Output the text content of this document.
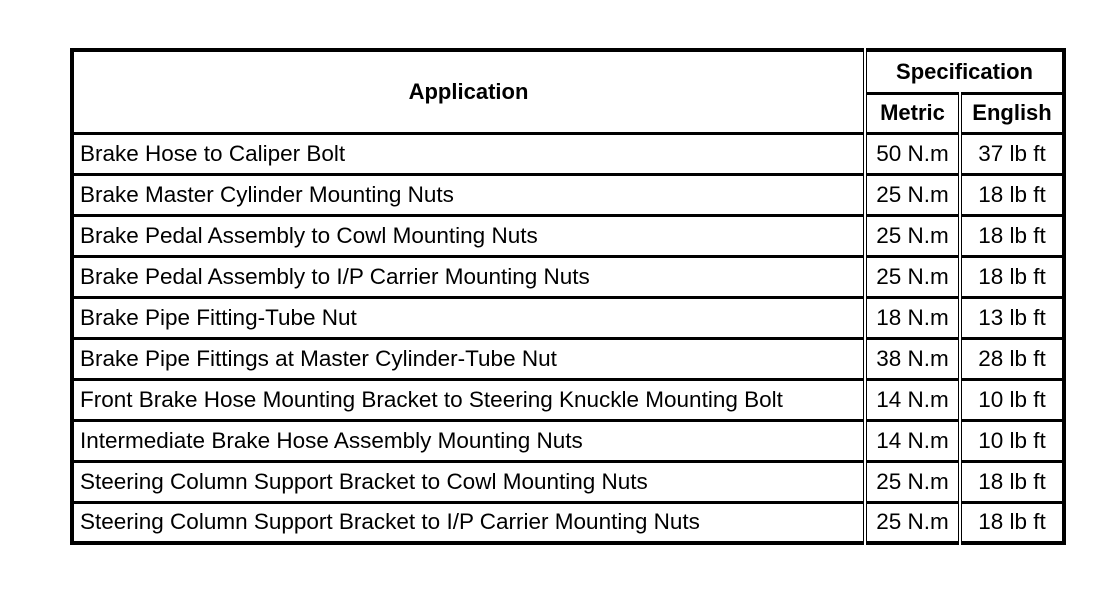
Application	Specification	
	Metric	English
Brake Hose to Caliper Bolt	50 N.m	37 lb ft
Brake Master Cylinder Mounting Nuts	25 N.m	18 lb ft
Brake Pedal Assembly to Cowl Mounting Nuts	25 N.m	18 lb ft
Brake Pedal Assembly to I/P Carrier Mounting Nuts	25 N.m	18 lb ft
Brake Pipe Fitting-Tube Nut	18 N.m	13 lb ft
Brake Pipe Fittings at Master Cylinder-Tube Nut	38 N.m	28 lb ft
Front Brake Hose Mounting Bracket to Steering Knuckle Mounting Bolt	14 N.m	10 lb ft
Intermediate Brake Hose Assembly Mounting Nuts	14 N.m	10 lb ft
Steering Column Support Bracket to Cowl Mounting Nuts	25 N.m	18 lb ft
Steering Column Support Bracket to I/P Carrier Mounting Nuts	25 N.m	18 lb ft
